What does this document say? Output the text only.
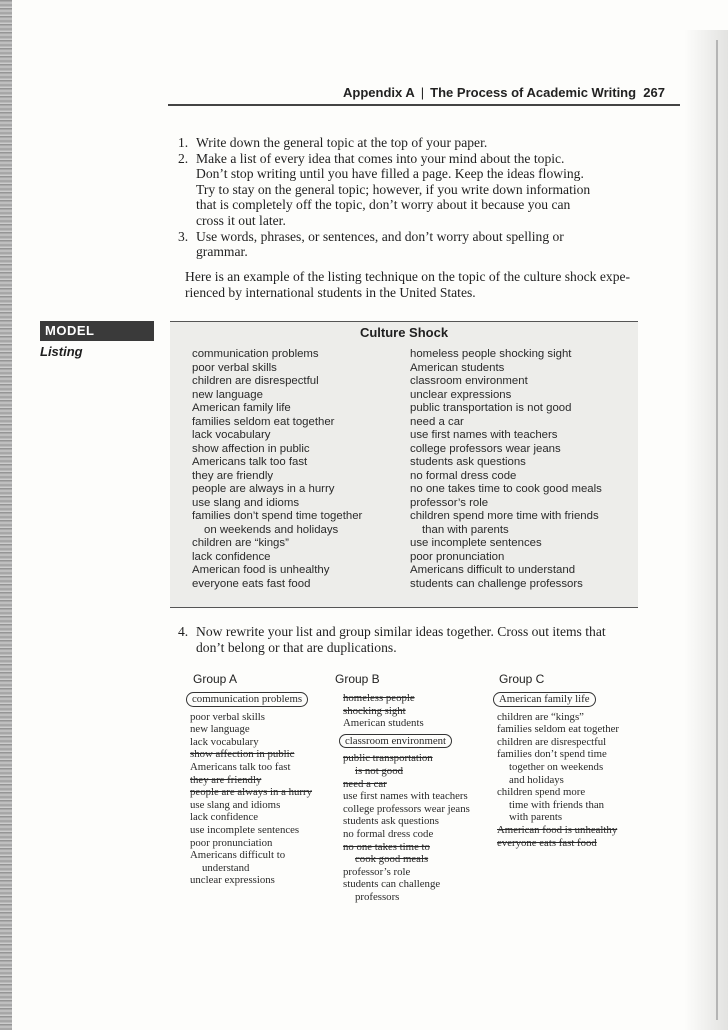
Appendix A | The Process of Academic Writing 267
1. Write down the general topic at the top of your paper.
2. Make a list of every idea that comes into your mind about the topic.
Don’t stop writing until you have filled a page. Keep the ideas flowing.
Try to stay on the general topic; however, if you write down information
that is completely off the topic, don’t worry about it because you can
cross it out later.
3. Use words, phrases, or sentences, and don’t worry about spelling or
grammar.
Here is an example of the listing technique on the topic of the culture shock expe-
rienced by international students in the United States.
MODEL
Listing
Culture Shock
communication problems
poor verbal skills
children are disrespectful
new language
American family life
families seldom eat together
lack vocabulary
show affection in public
Americans talk too fast
they are friendly
people are always in a hurry
use slang and idioms
families don’t spend time together
on weekends and holidays
children are “kings”
lack confidence
American food is unhealthy
everyone eats fast food
homeless people shocking sight
American students
classroom environment
unclear expressions
public transportation is not good
need a car
use first names with teachers
college professors wear jeans
students ask questions
no formal dress code
no one takes time to cook good meals
professor’s role
children spend more time with friends
than with parents
use incomplete sentences
poor pronunciation
Americans difficult to understand
students can challenge professors
4. Now rewrite your list and group similar ideas together. Cross out items that
don’t belong or that are duplications.
Group A	Group B	Group C
communication problems
poor verbal skills
new language
lack vocabulary
show affection in public
Americans talk too fast
they are friendly
people are always in a hurry
use slang and idioms
lack confidence
use incomplete sentences
poor pronunciation
Americans difficult to
understand
unclear expressions
homeless people
shocking sight
American students
classroom environment
public transportation
is not good
need a car
use first names with teachers
college professors wear jeans
students ask questions
no formal dress code
no one takes time to
cook good meals
professor’s role
students can challenge
professors
American family life
children are “kings”
families seldom eat together
children are disrespectful
families don’t spend time
together on weekends
and holidays
children spend more
time with friends than
with parents
American food is unhealthy
everyone eats fast food
